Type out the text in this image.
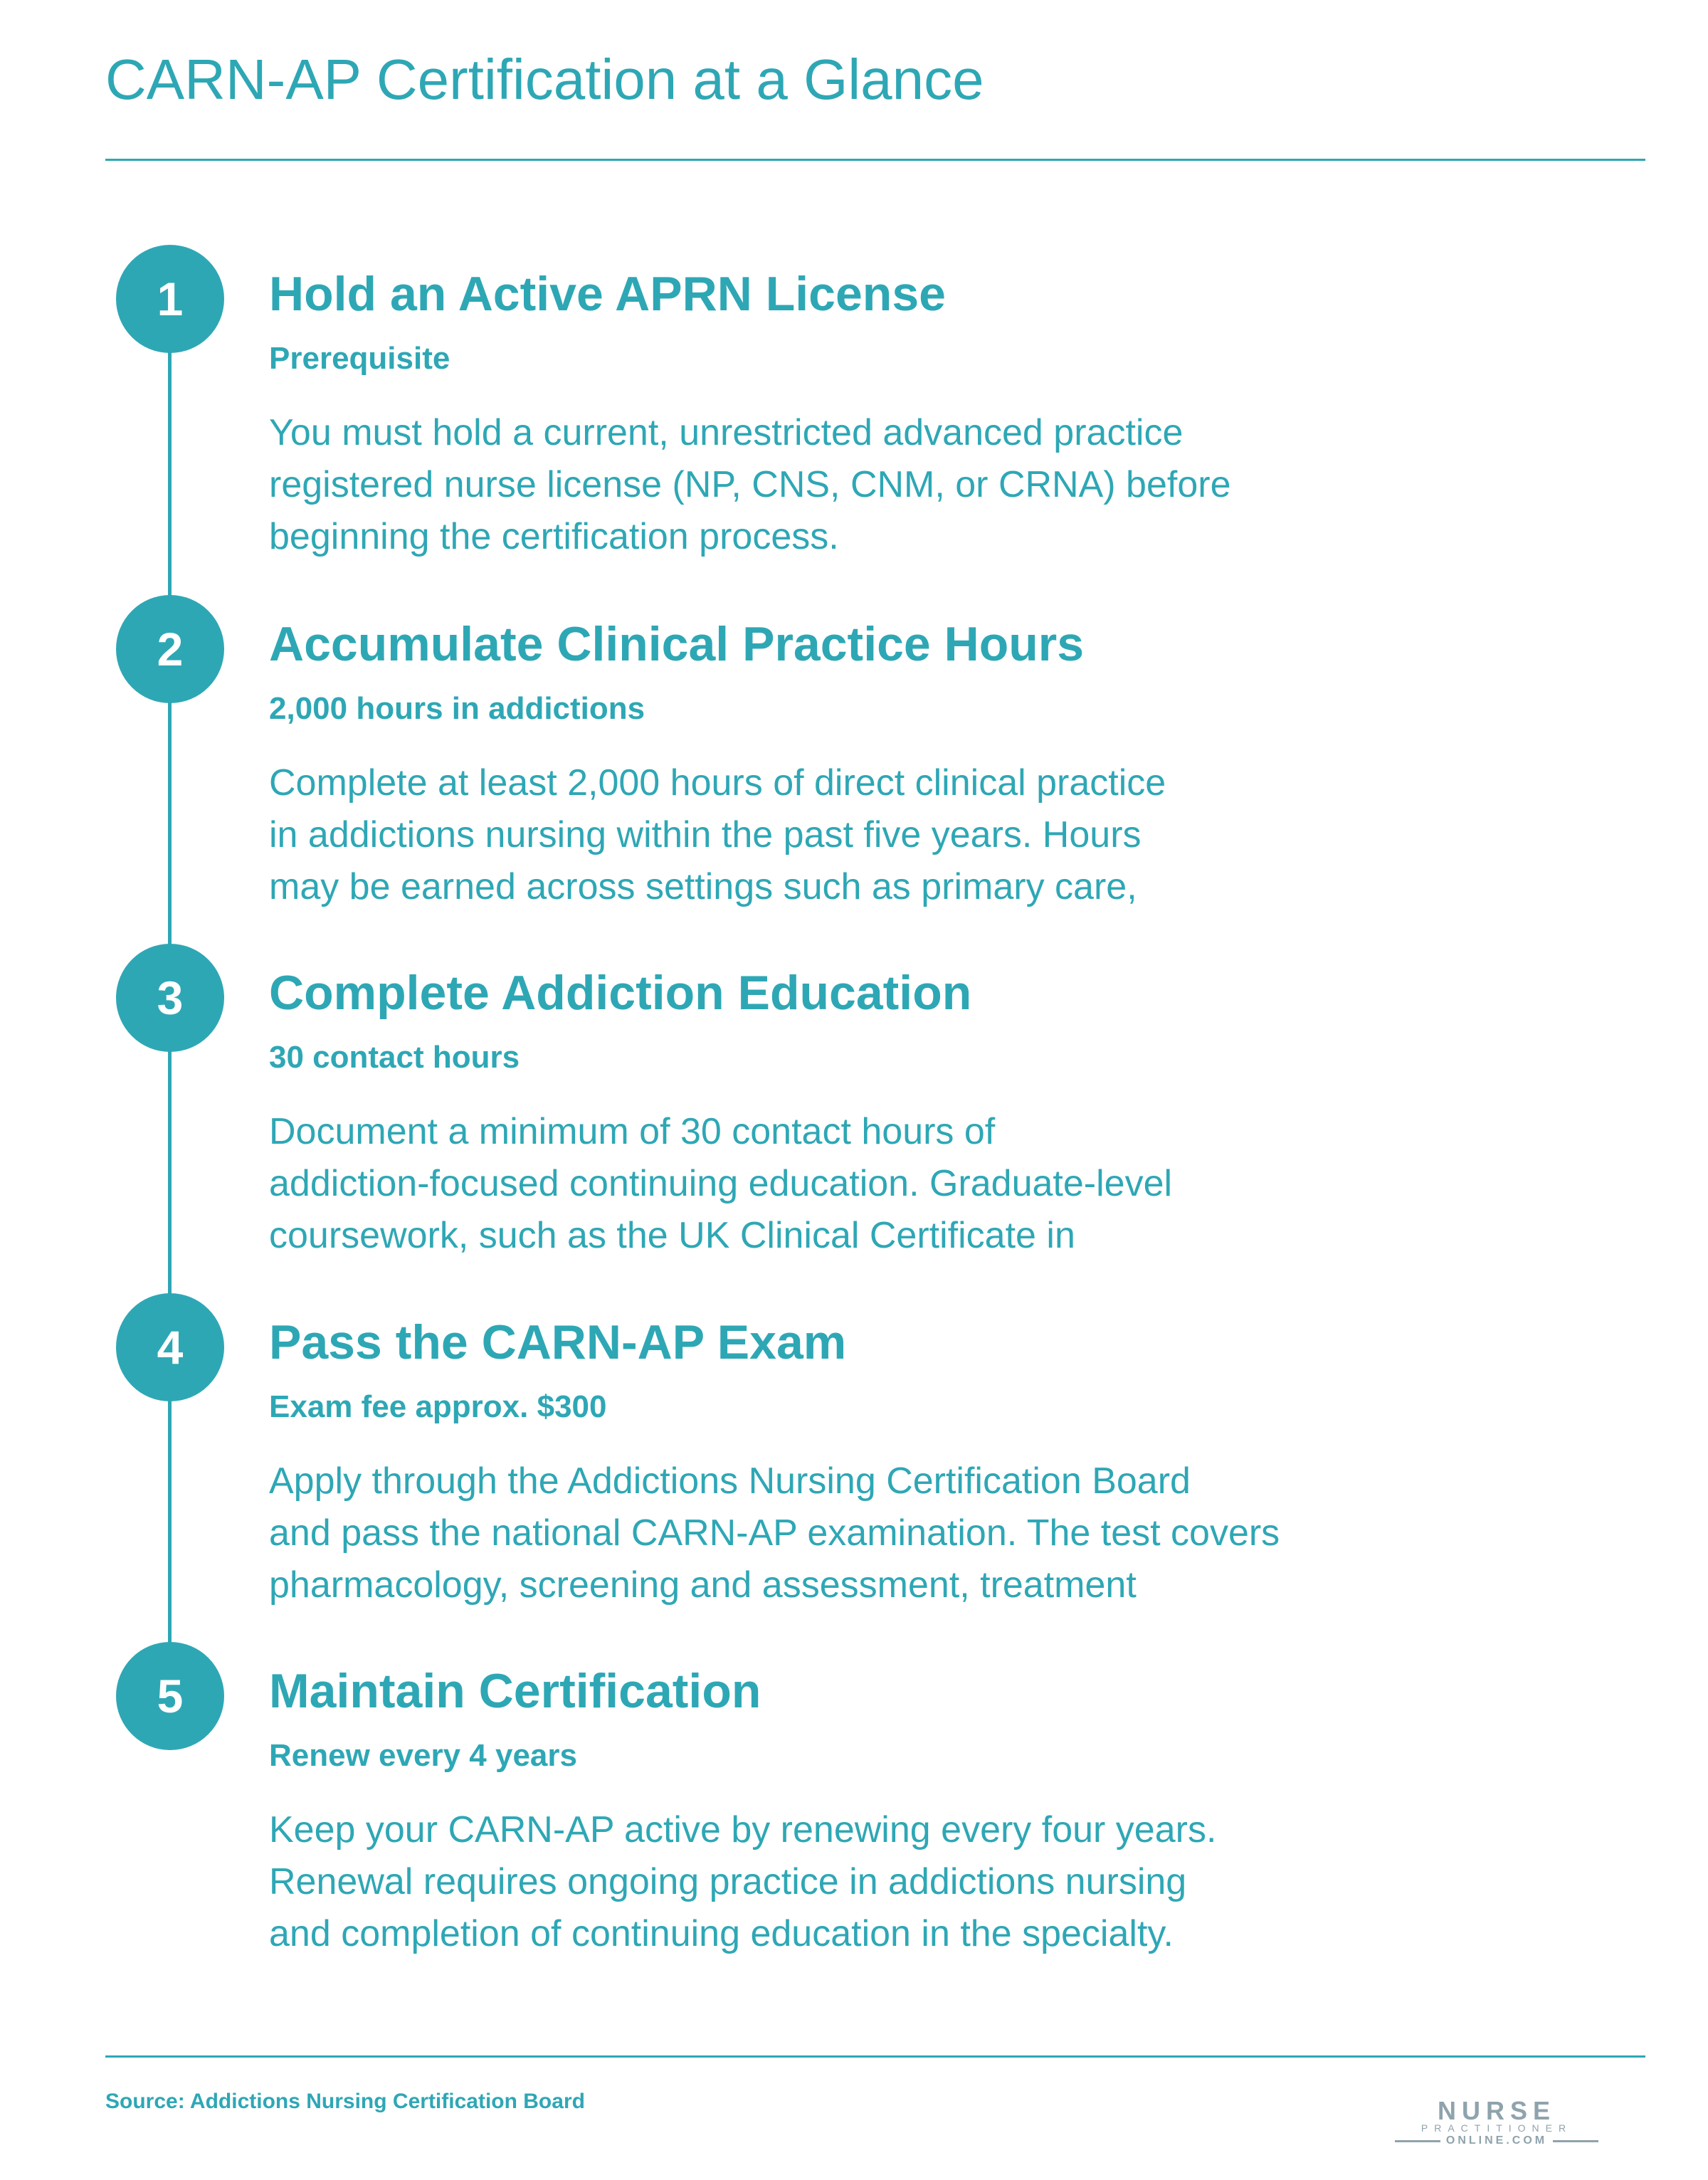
CARN-AP Certification at a Glance
1	Hold an Active APRN License

Prerequisite

You must hold a current, unrestricted advanced practice
registered nurse license (NP, CNS, CNM, or CRNA) before
beginning the certification process.

2	Accumulate Clinical Practice Hours

2,000 hours in addictions

Complete at least 2,000 hours of direct clinical practice
in addictions nursing within the past five years. Hours
may be earned across settings such as primary care,

3	Complete Addiction Education

30 contact hours

Document a minimum of 30 contact hours of
addiction-focused continuing education. Graduate-level
coursework, such as the UK Clinical Certificate in

4	Pass the CARN-AP Exam

Exam fee approx. $300

Apply through the Addictions Nursing Certification Board
and pass the national CARN-AP examination. The test covers
pharmacology, screening and assessment, treatment

5	Maintain Certification

Renew every 4 years

Keep your CARN-AP active by renewing every four years.
Renewal requires ongoing practice in addictions nursing
and completion of continuing education in the specialty.

Source: Addictions Nursing Certification Board	NURSE
PRACTITIONER
ONLINE.COM
